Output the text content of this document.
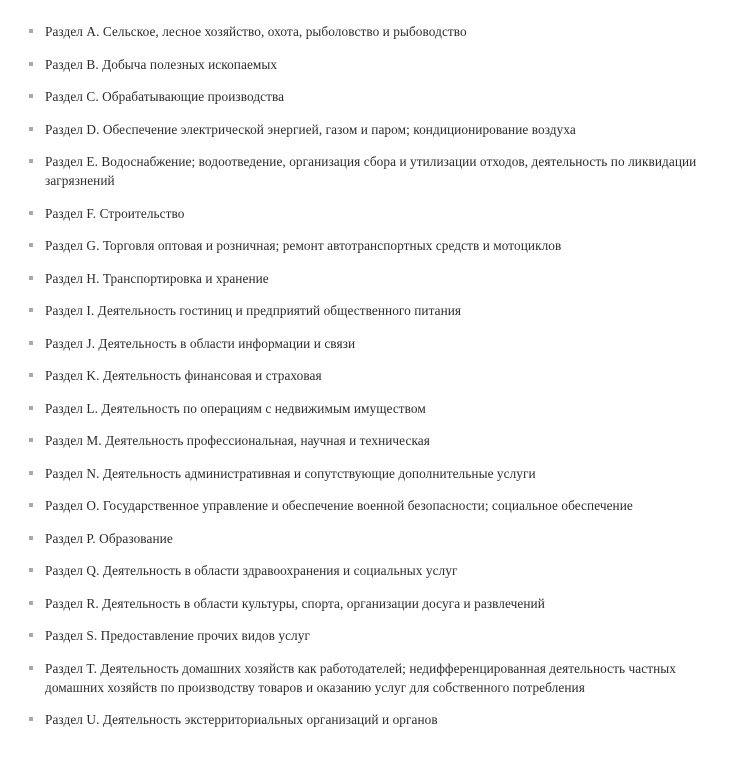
Раздел A. Сельское, лесное хозяйство, охота, рыболовство и рыбоводство
Раздел B. Добыча полезных ископаемых
Раздел C. Обрабатывающие производства
Раздел D. Обеспечение электрической энергией, газом и паром; кондиционирование воздуха
Раздел E. Водоснабжение; водоотведение, организация сбора и утилизации отходов, деятельность по ликвидации загрязнений
Раздел F. Строительство
Раздел G. Торговля оптовая и розничная; ремонт автотранспортных средств и мотоциклов
Раздел H. Транспортировка и хранение
Раздел I. Деятельность гостиниц и предприятий общественного питания
Раздел J. Деятельность в области информации и связи
Раздел K. Деятельность финансовая и страховая
Раздел L. Деятельность по операциям с недвижимым имуществом
Раздел M. Деятельность профессиональная, научная и техническая
Раздел N. Деятельность административная и сопутствующие дополнительные услуги
Раздел O. Государственное управление и обеспечение военной безопасности; социальное обеспечение
Раздел P. Образование
Раздел Q. Деятельность в области здравоохранения и социальных услуг
Раздел R. Деятельность в области культуры, спорта, организации досуга и развлечений
Раздел S. Предоставление прочих видов услуг
Раздел T. Деятельность домашних хозяйств как работодателей; недифференцированная деятельность частных домашних хозяйств по производству товаров и оказанию услуг для собственного потребления
Раздел U. Деятельность экстерриториальных организаций и органов
